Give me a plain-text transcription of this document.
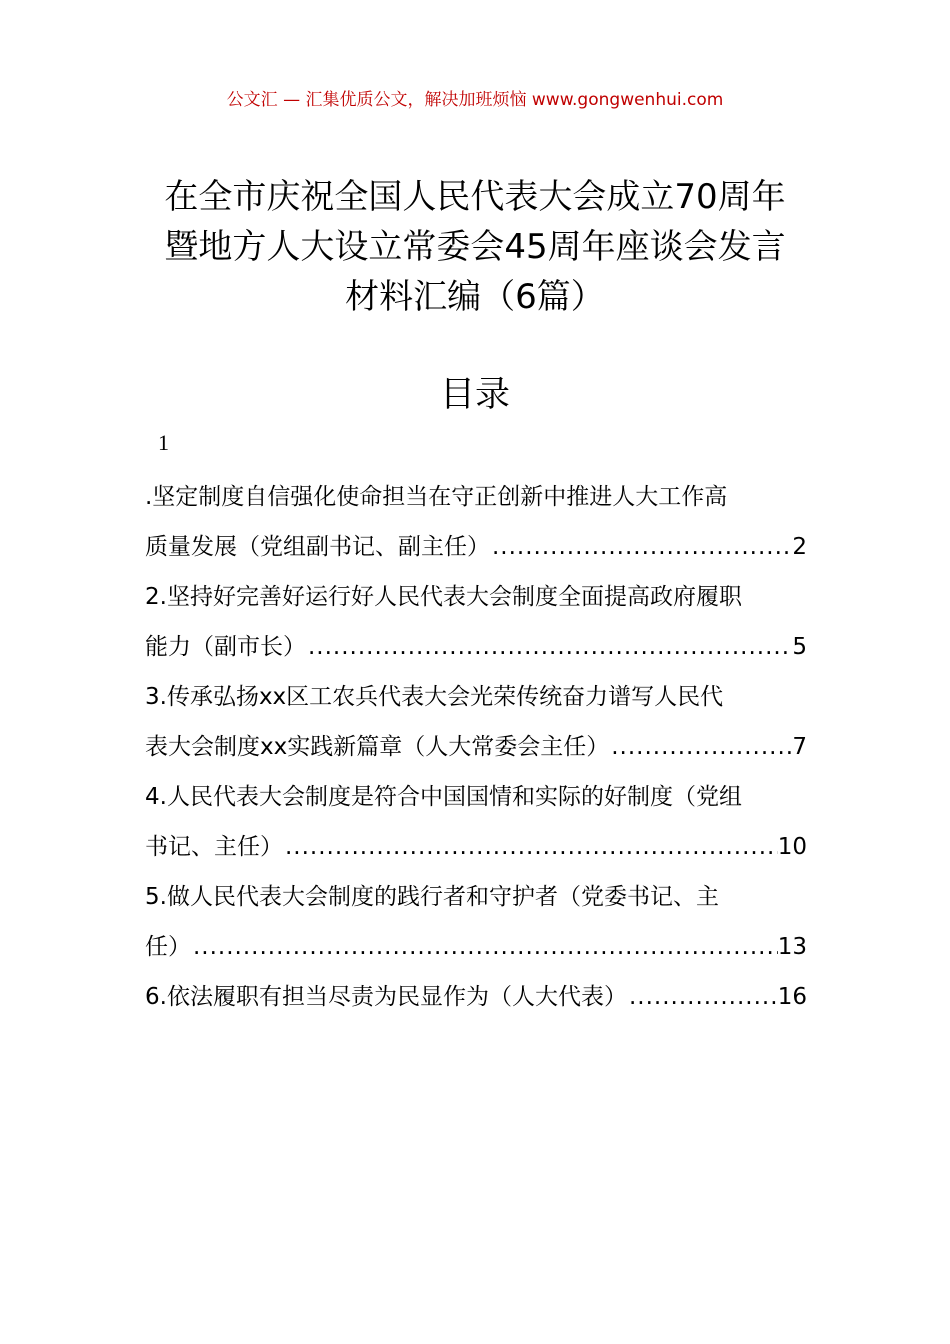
公文汇 — 汇集优质公文，解决加班烦恼 www.gongwenhui.com
在全市庆祝全国人民代表大会成立70周年
暨地方人大设立常委会45周年座谈会发言
材料汇编（6篇）
目录
1
.坚定制度自信强化使命担当在守正创新中推进人大工作高
质量发展（党组副书记、副主任） .....	2
2.坚持好完善好运行好人民代表大会制度全面提高政府履职
能力（副市长） .....	5
3.传承弘扬xx区工农兵代表大会光荣传统奋力谱写人民代
表大会制度xx实践新篇章（人大常委会主任） .....	7
4.人民代表大会制度是符合中国国情和实际的好制度（党组
书记、主任） .....	10
5.做人民代表大会制度的践行者和守护者（党委书记、主
任） .....	13
6.依法履职有担当尽责为民显作为（人大代表） .....	16
